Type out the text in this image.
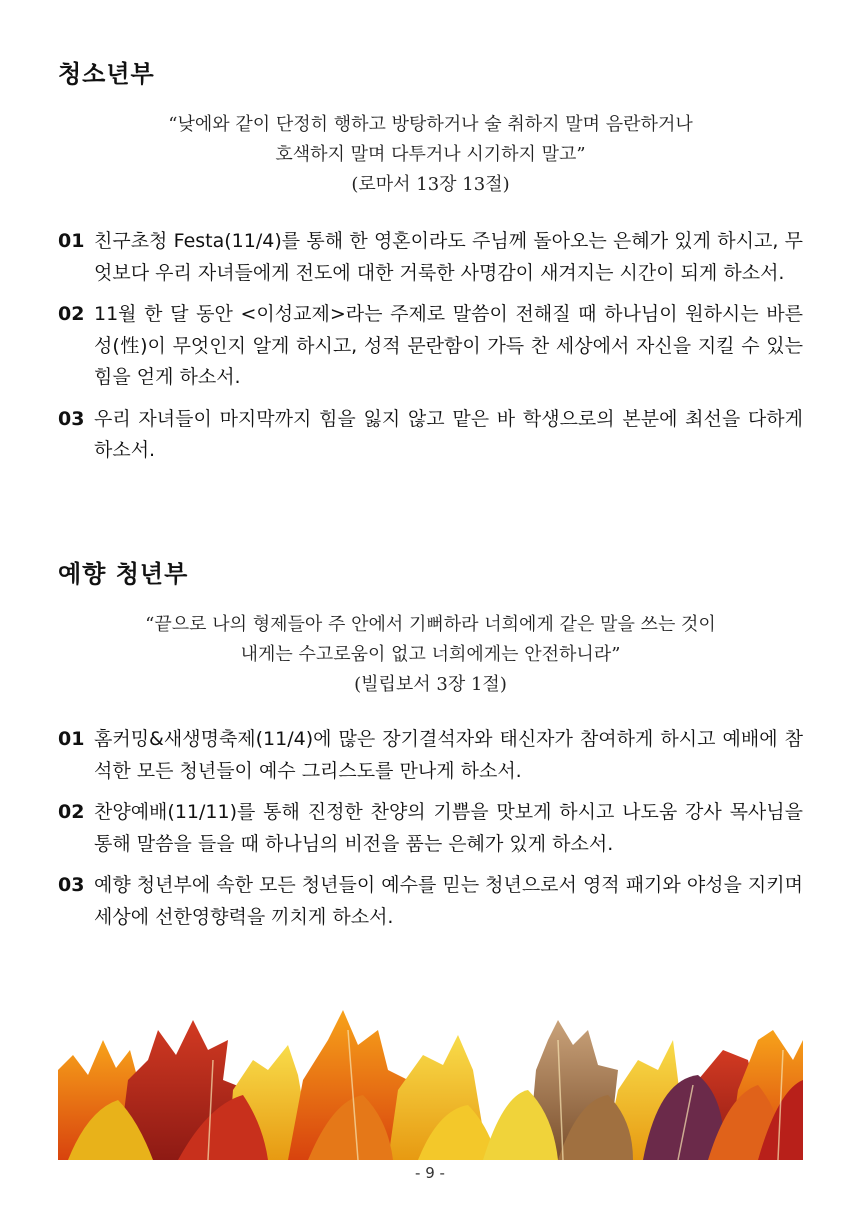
청소년부
“낮에와 같이 단정히 행하고 방탕하거나 술 취하지 말며 음란하거나
호색하지 말며 다투거나 시기하지 말고”
(로마서 13장 13절)
01 친구초청 Festa(11/4)를 통해 한 영혼이라도 주님께 돌아오는 은혜가 있게 하시고, 무엇보다 우리 자녀들에게 전도에 대한 거룩한 사명감이 새겨지는 시간이 되게 하소서.
02 11월 한 달 동안 <이성교제>라는 주제로 말씀이 전해질 때 하나님이 원하시는 바른 성(性)이 무엇인지 알게 하시고, 성적 문란함이 가득 찬 세상에서 자신을 지킬 수 있는 힘을 얻게 하소서.
03 우리 자녀들이 마지막까지 힘을 잃지 않고 맡은 바 학생으로의 본분에 최선을 다하게 하소서.
예향 청년부
“끝으로 나의 형제들아 주 안에서 기뻐하라 너희에게 같은 말을 쓰는 것이
내게는 수고로움이 없고 너희에게는 안전하니라”
(빌립보서 3장 1절)
01 홈커밍&새생명축제(11/4)에 많은 장기결석자와 태신자가 참여하게 하시고 예배에 참석한 모든 청년들이 예수 그리스도를 만나게 하소서.
02 찬양예배(11/11)를 통해 진정한 찬양의 기쁨을 맛보게 하시고 나도움 강사 목사님을 통해 말씀을 들을 때 하나님의 비전을 품는 은혜가 있게 하소서.
03 예향 청년부에 속한 모든 청년들이 예수를 믿는 청년으로서 영적 패기와 야성을 지키며 세상에 선한영향력을 끼치게 하소서.
- 9 -
